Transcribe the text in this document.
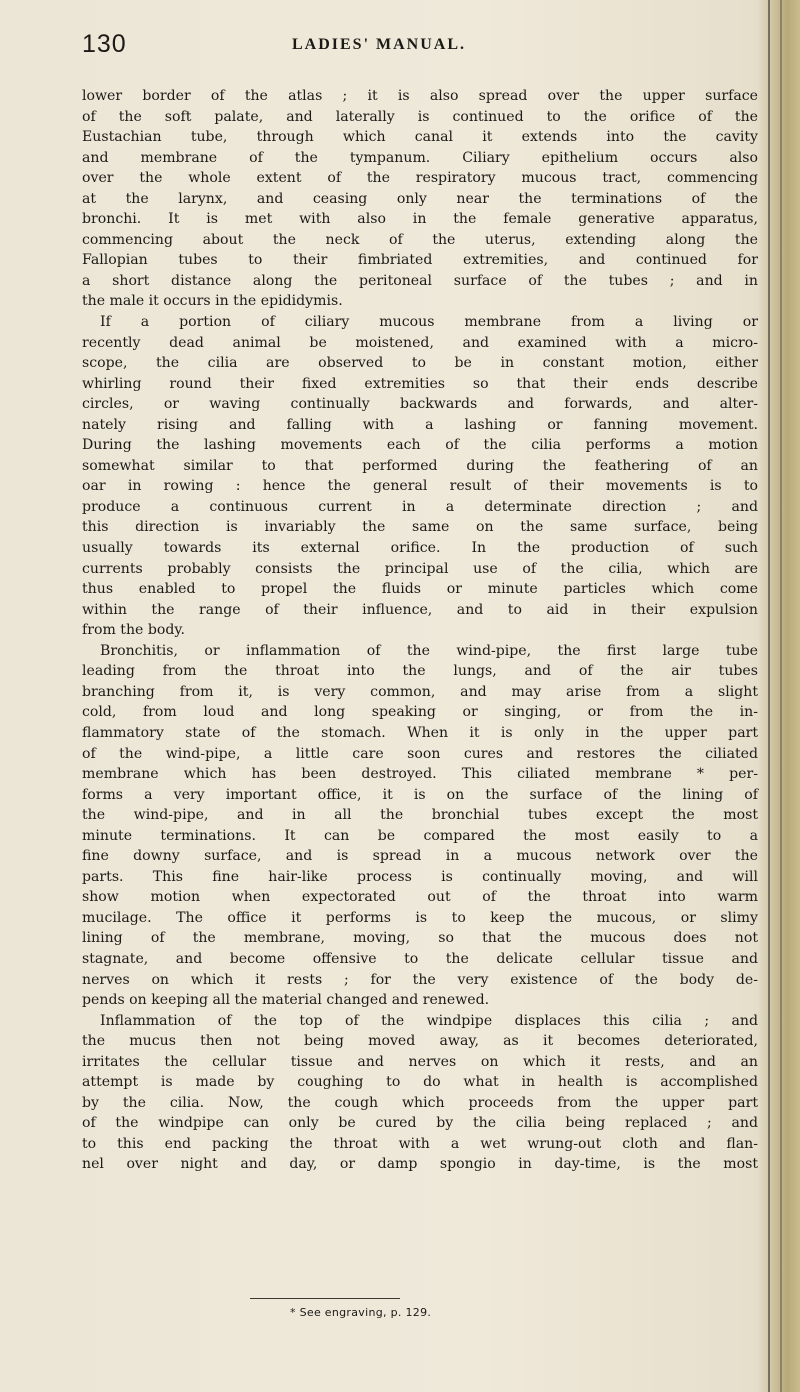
130	LADIES' MANUAL.
lower border of the atlas ; it is also spread over the upper surface
of the soft palate, and laterally is continued to the orifice of the
Eustachian tube, through which canal it extends into the cavity
and membrane of the tympanum. Ciliary epithelium occurs also
over the whole extent of the respiratory mucous tract, commencing
at the larynx, and ceasing only near the terminations of the
bronchi. It is met with also in the female generative apparatus,
commencing about the neck of the uterus, extending along the
Fallopian tubes to their fimbriated extremities, and continued for
a short distance along the peritoneal surface of the tubes ; and in
the male it occurs in the epididymis.
If a portion of ciliary mucous membrane from a living or
recently dead animal be moistened, and examined with a micro-
scope, the cilia are observed to be in constant motion, either
whirling round their fixed extremities so that their ends describe
circles, or waving continually backwards and forwards, and alter-
nately rising and falling with a lashing or fanning movement.
During the lashing movements each of the cilia performs a motion
somewhat similar to that performed during the feathering of an
oar in rowing : hence the general result of their movements is to
produce a continuous current in a determinate direction ; and
this direction is invariably the same on the same surface, being
usually towards its external orifice. In the production of such
currents probably consists the principal use of the cilia, which are
thus enabled to propel the fluids or minute particles which come
within the range of their influence, and to aid in their expulsion
from the body.
Bronchitis, or inflammation of the wind-pipe, the first large tube
leading from the throat into the lungs, and of the air tubes
branching from it, is very common, and may arise from a slight
cold, from loud and long speaking or singing, or from the in-
flammatory state of the stomach. When it is only in the upper part
of the wind-pipe, a little care soon cures and restores the ciliated
membrane which has been destroyed. This ciliated membrane * per-
forms a very important office, it is on the surface of the lining of
the wind-pipe, and in all the bronchial tubes except the most
minute terminations. It can be compared the most easily to a
fine downy surface, and is spread in a mucous network over the
parts. This fine hair-like process is continually moving, and will
show motion when expectorated out of the throat into warm
mucilage. The office it performs is to keep the mucous, or slimy
lining of the membrane, moving, so that the mucous does not
stagnate, and become offensive to the delicate cellular tissue and
nerves on which it rests ; for the very existence of the body de-
pends on keeping all the material changed and renewed.
Inflammation of the top of the windpipe displaces this cilia ; and
the mucus then not being moved away, as it becomes deteriorated,
irritates the cellular tissue and nerves on which it rests, and an
attempt is made by coughing to do what in health is accomplished
by the cilia. Now, the cough which proceeds from the upper part
of the windpipe can only be cured by the cilia being replaced ; and
to this end packing the throat with a wet wrung-out cloth and flan-
nel over night and day, or damp spongio in day-time, is the most
* See engraving, p. 129.
